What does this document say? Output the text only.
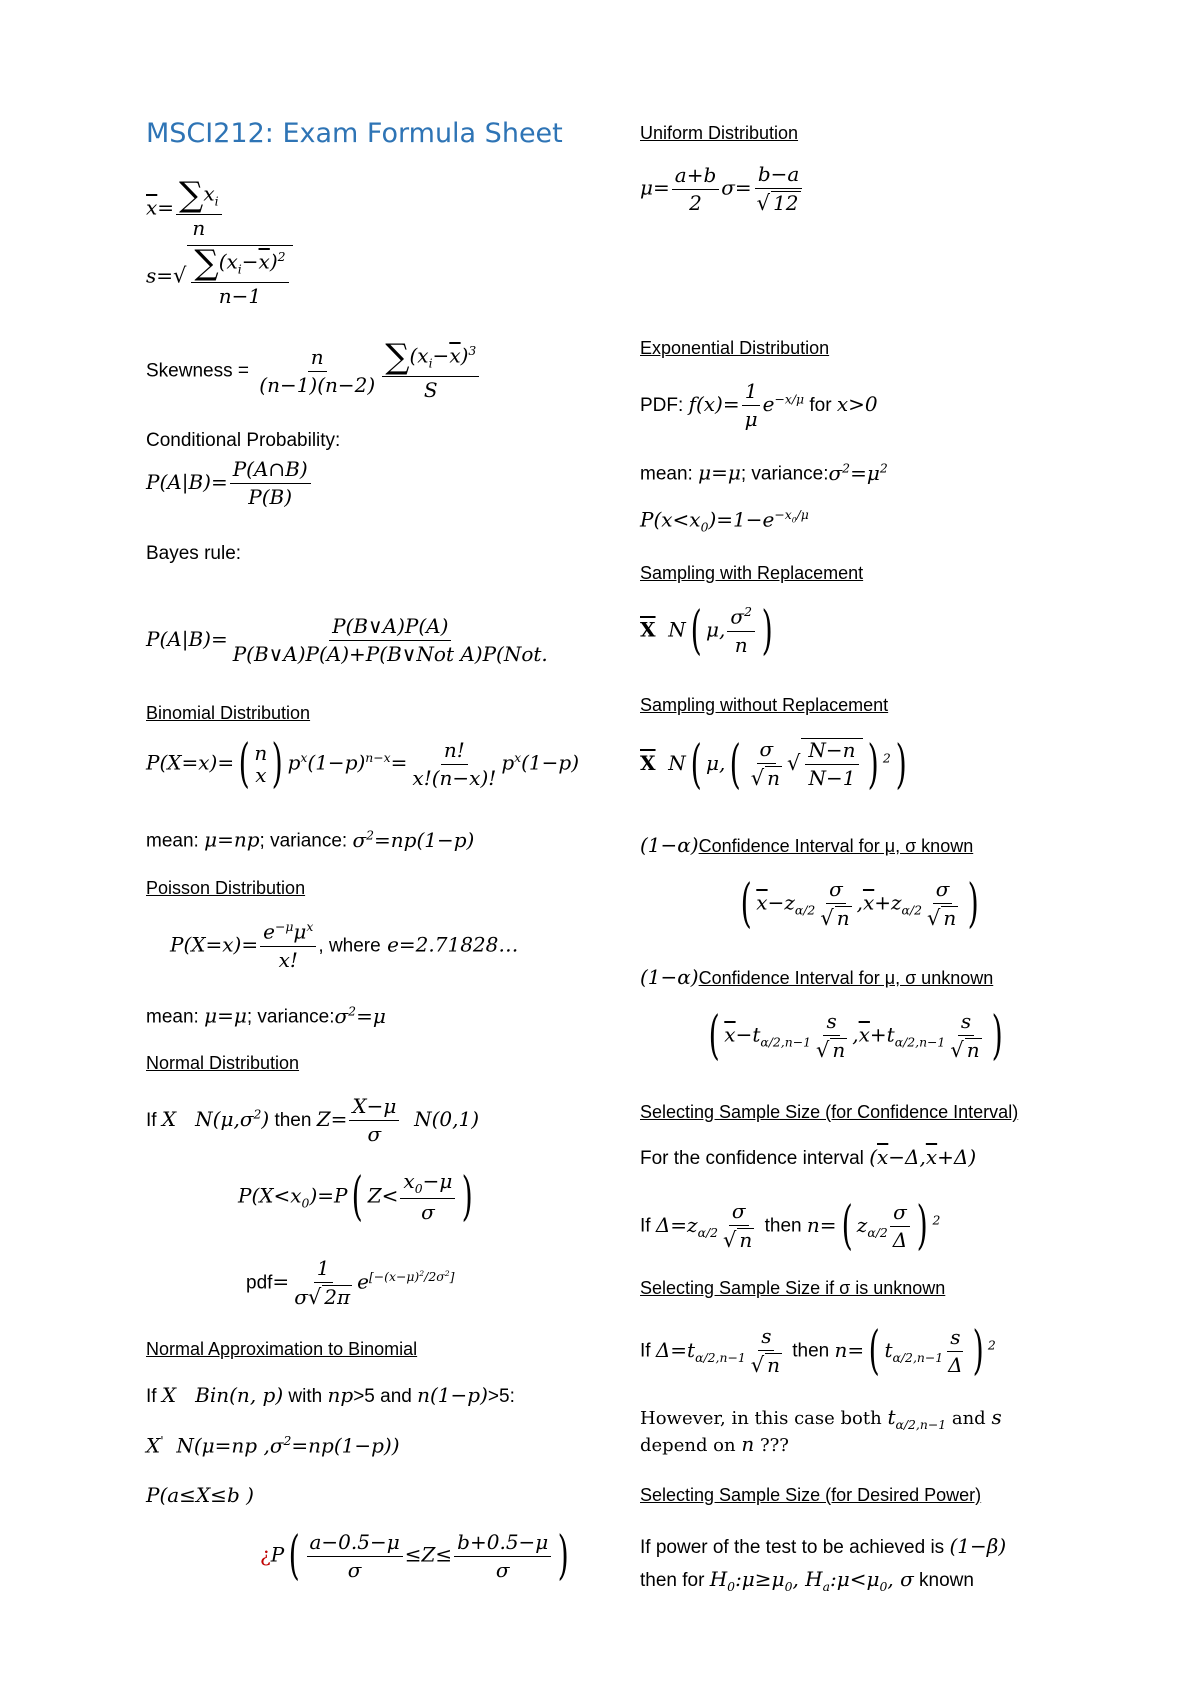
MSCI212: Exam Formula Sheet
$\overline{x}= \frac{\sum x_i}{n}$
$s=√ \frac{\sum(x_i-\overline{x})^2}{n-1}$
Skewness = $\frac{n}{(n-1)(n-2)} \frac{\sum(x_i-\overline{x})^3}{S}$
Conditional Probability:
$P(A|B)= \frac{P(A\cap B)}{P(B)}$
Bayes rule:
$P(A|B)= \frac{P(B\vee A)P(A)}{\text{P(B∨A)P(A)+P(B∨Not A)P(Not.}}$
Binomial Distribution
P(X=x)=( n
x ) $p^x(1-p)^{n-x}= \frac{n!}{x!(n-x)!} p^x(1-p)$
mean: μ=np; variance: $\sigma^2=np(1-p)$
Poisson Distribution
$P(X=x)= \frac{e^{-\mu}\mu^x}{x!}$ , where e=2.71828…
mean: μ=μ; $variance:\sigma^2=\mu$
Normal Distribution
If X   $N(\mu,\sigma^2)$ then $Z= \frac{X-\mu}{\sigma} N(0,1)$
$P(X<x_0)=P$( $Z< \frac{x_0-\mu}{\sigma}$ )
$pdf= \frac{1}{\sigma√ 2\pi} e[-(x-\mu)2/2\sigma 2]$
Normal Approximation to Binomial
If X   Bin(n, p) with np>5 and n(1−p)>5:
X'  N(μ=np $,\sigma^2=np(1-p)$)
P(a≤X≤b )
¿$P( \frac{a-0.5-\mu}{\sigma} \le Z\le \frac{b+0.5-\mu}{\sigma}$ )
Uniform Distribution
$\mu= \frac{a+b}{2} \sigma= \frac{b-a}{√ 12}$
Exponential Distribution
PDF: $f(x)= \frac{1}{\mu} e^{-x/\mu}$ for x>0
mean: μ=μ; $variance:\sigma^2=\mu^2$
$P(x<x_0)=1-e^{-x_0/\mu}$
Sampling with Replacement
$\overline{X}$  N( μ, $\frac{\sigma^2}{n}$ )
Sampling without Replacement
$\overline{X}$  N( $\mu,( \frac{\sigma}{√ n}$ √ $\frac{N-n}{N-1}$ ) $^2$)
(1−α)Confidence Interval for μ, σ known
( $\overline{x}-z_{\alpha/2} \frac{\sigma}{√ n} ,\overline{x}+z_{\alpha/2} \frac{\sigma}{√ n}$ )
(1−α)Confidence Interval for μ, σ unknown
( $\overline{x}-t_{\alpha/2,n-1} \frac{s}{√ n} ,\overline{x}+t_{\alpha/2,n-1} \frac{s}{√ n}$ )
Selecting Sample Size (for Confidence Interval)
For the confidence interval $(\overline{x}-\Delta,\overline{x}+\Delta)$
If $\Delta=z_{\alpha/2} \frac{\sigma}{√ n}$ then n=( $z_{\alpha/2} \frac{\sigma}{\Delta}$ ) $^2$
Selecting Sample Size if σ is unknown
If $\Delta=t_{\alpha/2,n-1} \frac{s}{√ n}$ then n=( $t_{\alpha/2,n-1} \frac{s}{\Delta}$ ) $^2$
However, in this case both $t_{\alpha/2,n-1}$ and s
depend on n ???
Selecting Sample Size (for Desired Power)
If power of the test to be achieved is (1−β)
then for $H_0:\mu\ge\mu_0$, $H_a:\mu<\mu_0$, σ known
